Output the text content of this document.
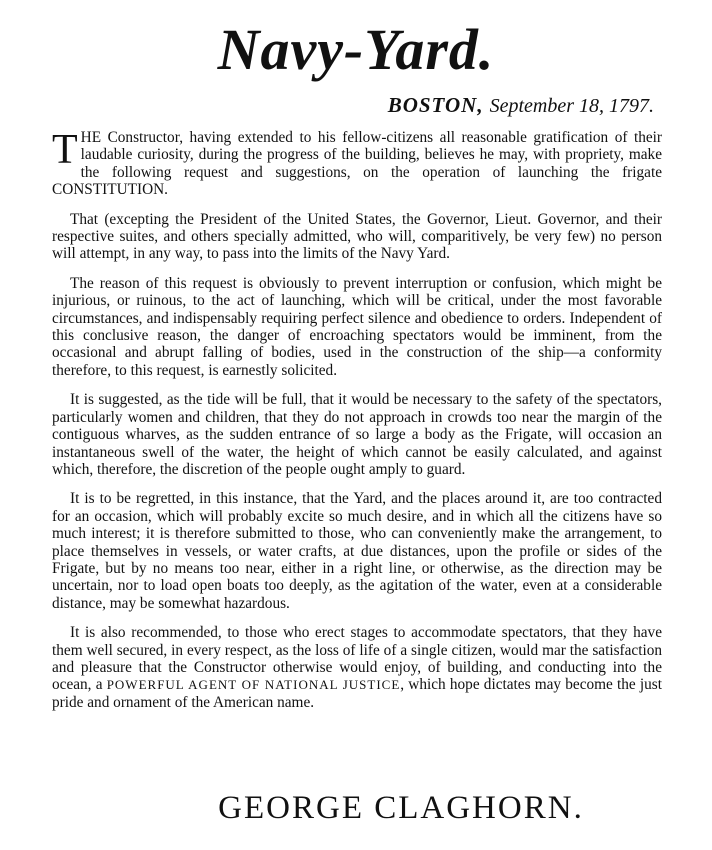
Navy-Yard.
BOSTON, September 18, 1797.

THE Constructor, having extended to his fellow-citizens all reasonable gratification of their laudable curiosity, during the progress of the building, believes he may, with propriety, make the following request and suggestions, on the operation of launching the frigate CONSTITUTION.

That (excepting the President of the United States, the Governor, Lieut. Governor, and their respective suites, and others specially admitted, who will, comparitively, be very few) no person will attempt, in any way, to pass into the limits of the Navy Yard.

The reason of this request is obviously to prevent interruption or confusion, which might be injurious, or ruinous, to the act of launching, which will be critical, under the most favorable circumstances, and indispensably requiring perfect silence and obedience to orders. Independent of this conclusive reason, the danger of encroaching spectators would be imminent, from the occasional and abrupt falling of bodies, used in the construction of the ship—a conformity therefore, to this request, is earnestly solicited.

It is suggested, as the tide will be full, that it would be necessary to the safety of the spectators, particularly women and children, that they do not approach in crowds too near the margin of the contiguous wharves, as the sudden entrance of so large a body as the Frigate, will occasion an instantaneous swell of the water, the height of which cannot be easily calculated, and against which, therefore, the discretion of the people ought amply to guard.

It is to be regretted, in this instance, that the Yard, and the places around it, are too contracted for an occasion, which will probably excite so much desire, and in which all the citizens have so much interest; it is therefore submitted to those, who can conveniently make the arrangement, to place themselves in vessels, or water crafts, at due distances, upon the profile or sides of the Frigate, but by no means too near, either in a right line, or otherwise, as the direction may be uncertain, nor to load open boats too deeply, as the agitation of the water, even at a considerable distance, may be somewhat hazardous.

It is also recommended, to those who erect stages to accommodate spectators, that they have them well secured, in every respect, as the loss of life of a single citizen, would mar the satisfaction and pleasure that the Constructor otherwise would enjoy, of building, and conducting into the ocean, a POWERFUL AGENT OF NATIONAL JUSTICE, which hope dictates may become the just pride and ornament of the American name.

GEORGE CLAGHORN.
